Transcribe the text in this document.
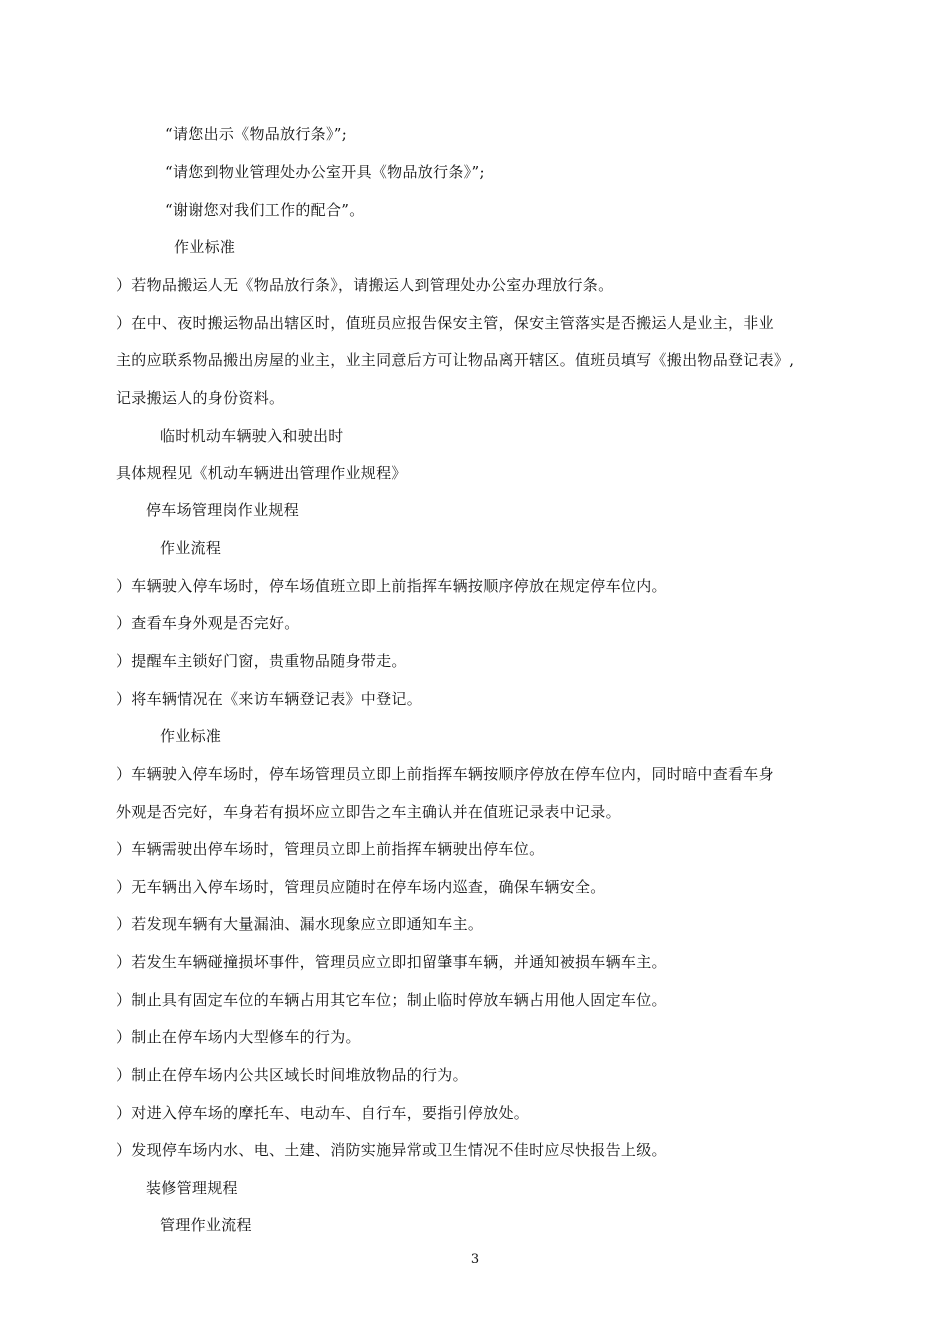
“请您出示《物品放行条》”;
“请您到物业管理处办公室开具《物品放行条》”;
“谢谢您对我们工作的配合”。
作业标准
）若物品搬运人无《物品放行条》，请搬运人到管理处办公室办理放行条。
）在中、夜时搬运物品出辖区时，值班员应报告保安主管，保安主管落实是否搬运人是业主，非业
主的应联系物品搬出房屋的业主，业主同意后方可让物品离开辖区。值班员填写《搬出物品登记表》,
记录搬运人的身份资料。
临时机动车辆驶入和驶出时
具体规程见《机动车辆进出管理作业规程》
停车场管理岗作业规程
作业流程
）车辆驶入停车场时，停车场值班立即上前指挥车辆按顺序停放在规定停车位内。
）查看车身外观是否完好。
）提醒车主锁好门窗，贵重物品随身带走。
）将车辆情况在《来访车辆登记表》中登记。
作业标准
）车辆驶入停车场时，停车场管理员立即上前指挥车辆按顺序停放在停车位内，同时暗中查看车身
外观是否完好，车身若有损坏应立即告之车主确认并在值班记录表中记录。
）车辆需驶出停车场时，管理员立即上前指挥车辆驶出停车位。
）无车辆出入停车场时，管理员应随时在停车场内巡查，确保车辆安全。
）若发现车辆有大量漏油、漏水现象应立即通知车主。
）若发生车辆碰撞损坏事件，管理员应立即扣留肇事车辆，并通知被损车辆车主。
）制止具有固定车位的车辆占用其它车位；制止临时停放车辆占用他人固定车位。
）制止在停车场内大型修车的行为。
）制止在停车场内公共区域长时间堆放物品的行为。
）对进入停车场的摩托车、电动车、自行车，要指引停放处。
）发现停车场内水、电、土建、消防实施异常或卫生情况不佳时应尽快报告上级。
装修管理规程
管理作业流程
3
